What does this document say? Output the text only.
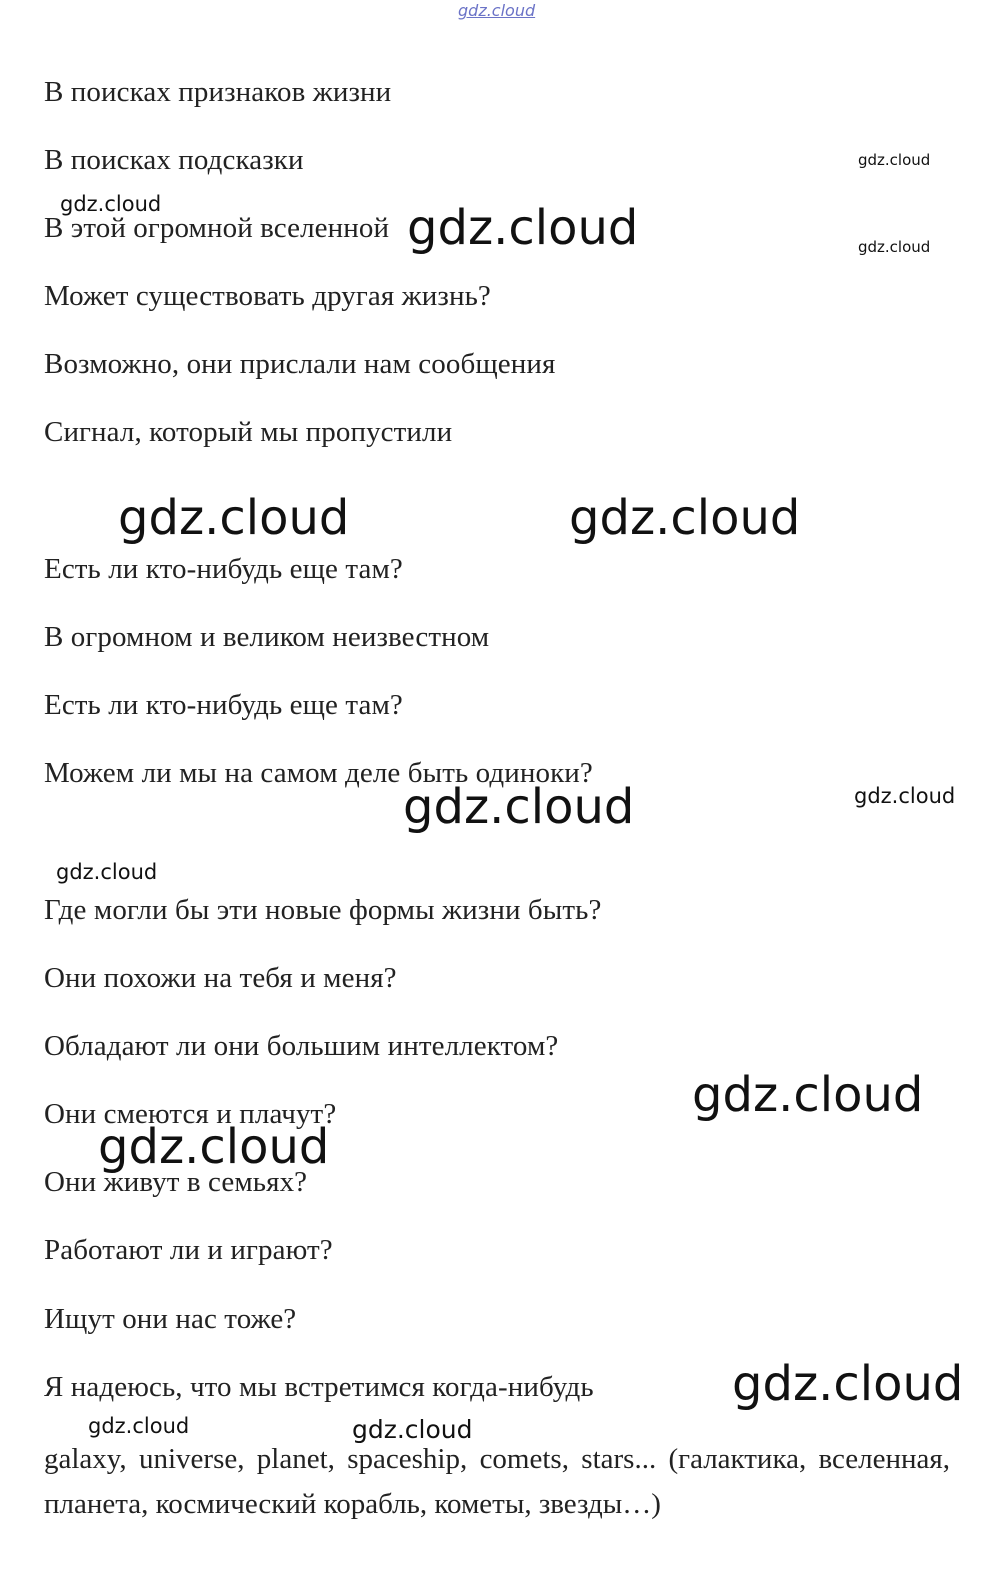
gdz.cloud
В поисках признаков жизни
В поисках подсказки
В этой огромной вселенной
Может существовать другая жизнь?
Возможно, они прислали нам сообщения
Сигнал, который мы пропустили
Есть ли кто-нибудь еще там?
В огромном и великом неизвестном
Есть ли кто-нибудь еще там?
Можем ли мы на самом деле быть одиноки?
Где могли бы эти новые формы жизни быть?
Они похожи на тебя и меня?
Обладают ли они большим интеллектом?
Они смеются и плачут?
Они живут в семьях?
Работают ли и играют?
Ищут они нас тоже?
Я надеюсь, что мы встретимся когда-нибудь
galaxy, universe, planet, spaceship, comets, stars... (галактика, вселенная, планета, космический корабль, кометы, звезды…)
gdz.cloud
gdz.cloud	gdz.cloud	gdz.cloud
gdz.cloud	gdz.cloud
gdz.cloud	gdz.cloud
gdz.cloud
gdz.cloud
gdz.cloud
gdz.cloud
gdz.cloud	gdz.cloud
